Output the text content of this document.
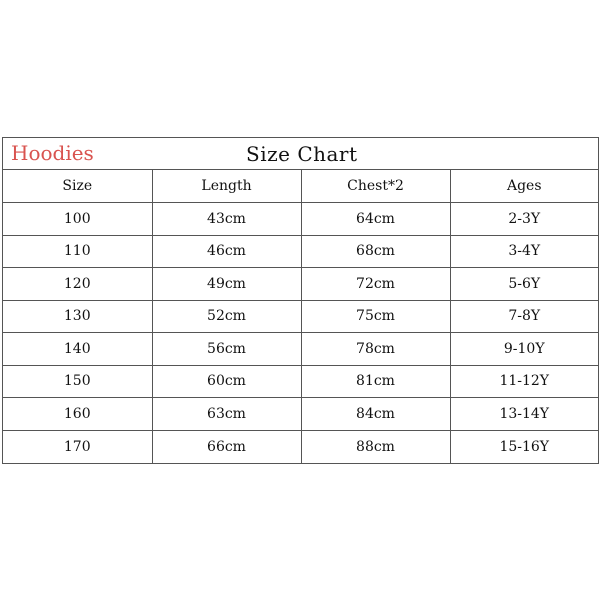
Hoodies	Size Chart
Size	Length	Chest*2	Ages
100	43cm	64cm	2-3Y
110	46cm	68cm	3-4Y
120	49cm	72cm	5-6Y
130	52cm	75cm	7-8Y
140	56cm	78cm	9-10Y
150	60cm	81cm	11-12Y
160	63cm	84cm	13-14Y
170	66cm	88cm	15-16Y
